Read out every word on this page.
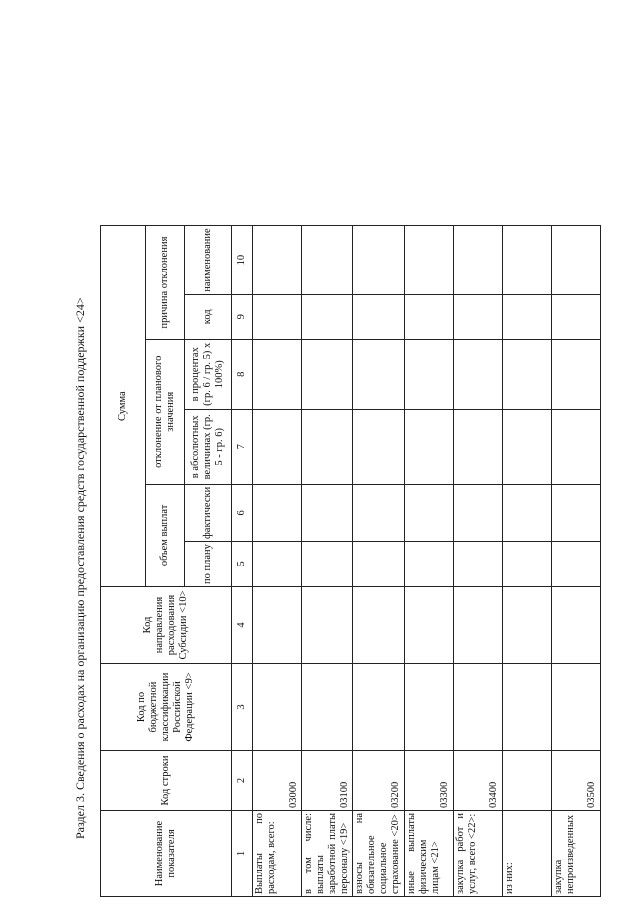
Раздел 3. Сведения о расходах на организацию предоставления средств государственной поддержки <24>
Наименование показателя	Код строки	Код по бюджетной классификации Российской Федерации <9>	Код направления расходования Субсидии <10>	Сумма					
				объем выплат		отклонение от планового значения		причина отклонения	
						в абсолютных величинах (гр. 5 - гр. 6)	в процентах (гр. 6 / гр. 5) x 100%)	код	наименование
				по плану	фактически				
1	2	3	4	5	6	7	8	9	10
Выплаты по расходам, всего:	03000								
в том числе: выплаты заработной платы персоналу <19>	03100								
взносы на обязательное социальное страхование <20>	03200								
иные выплаты физическим лицам <21>	03300								
закупка работ и услуг, всего <22>:	03400								
из них:									
закупка непроизведенных	03500								
